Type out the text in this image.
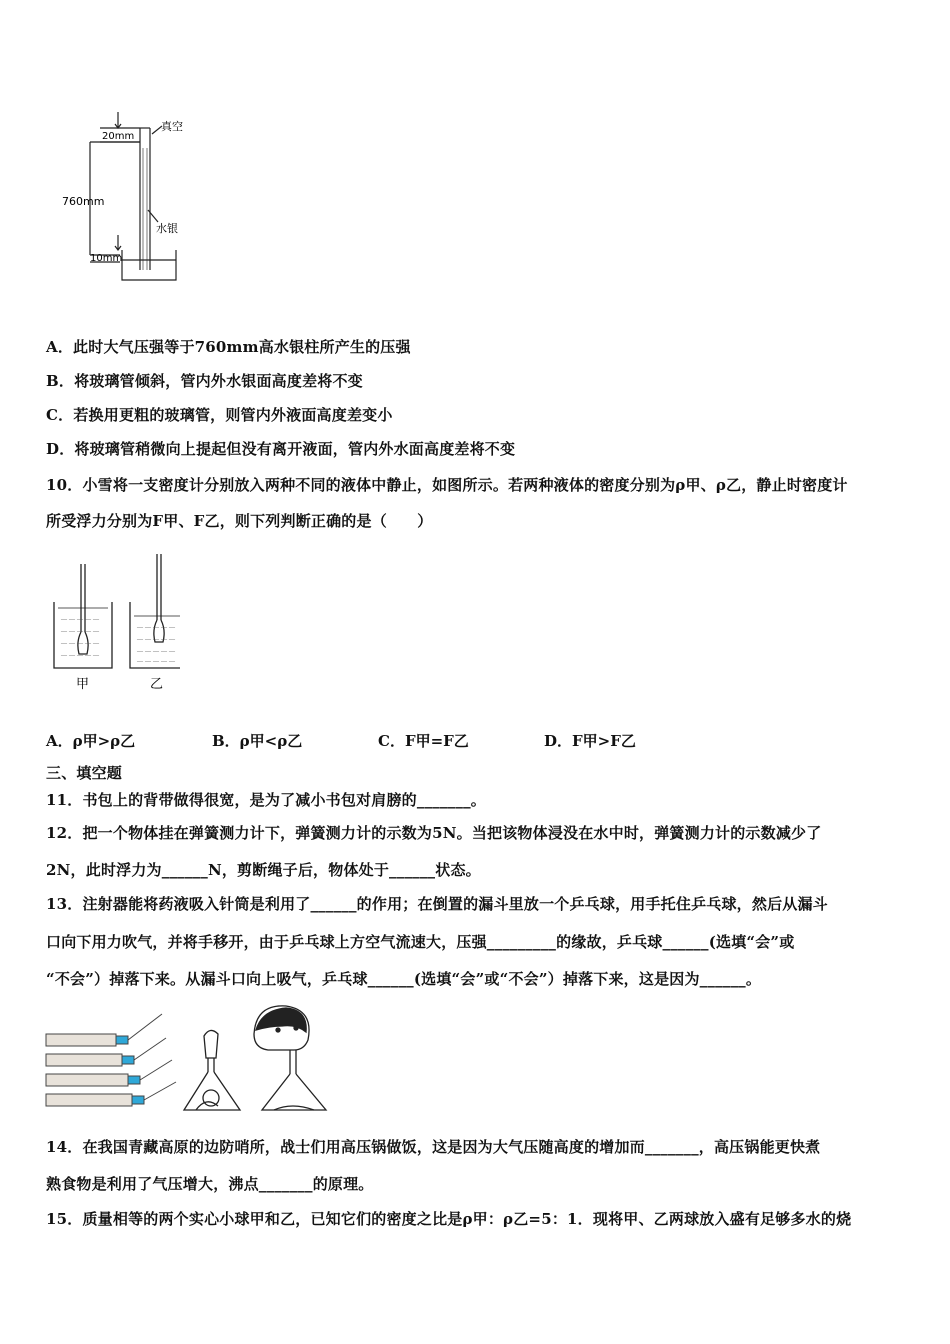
20mm
真空
760mm
水银
10mm
A．此时大气压强等于760mm高水银柱所产生的压强
B．将玻璃管倾斜，管内外水银面高度差将不变
C．若换用更粗的玻璃管，则管内外液面高度差变小
D．将玻璃管稍微向上提起但没有离开液面，管内外水面高度差将不变
10．小雪将一支密度计分别放入两种不同的液体中静止，如图所示。若两种液体的密度分别为ρ甲、ρ乙，静止时密度计
所受浮力分别为F甲、F乙，则下列判断正确的是（　　）
－－－－－
－－－－－
－－－－－
－－－－－
－－－－－
－－－－－
－－－－－
－－－－－
甲	乙
A．ρ甲>ρ乙	B．ρ甲<ρ乙	C．F甲=F乙	D．F甲>F乙
三、填空题
11．书包上的背带做得很宽，是为了减小书包对肩膀的_______。
12．把一个物体挂在弹簧测力计下，弹簧测力计的示数为5N。当把该物体浸没在水中时，弹簧测力计的示数减少了
2N，此时浮力为______N，剪断绳子后，物体处于______状态。
13．注射器能将药液吸入针筒是利用了______的作用；在倒置的漏斗里放一个乒乓球，用手托住乒乓球，然后从漏斗
口向下用力吹气，并将手移开，由于乒乓球上方空气流速大，压强_________的缘故，乒乓球______(选填“会”或
“不会”）掉落下来。从漏斗口向上吸气，乒乓球______(选填“会”或“不会”）掉落下来，这是因为______。
14．在我国青藏高原的边防哨所，战士们用高压锅做饭，这是因为大气压随高度的增加而_______，高压锅能更快煮
熟食物是利用了气压增大，沸点_______的原理。
15．质量相等的两个实心小球甲和乙，已知它们的密度之比是ρ甲：ρ乙=5：1．现将甲、乙两球放入盛有足够多水的烧
